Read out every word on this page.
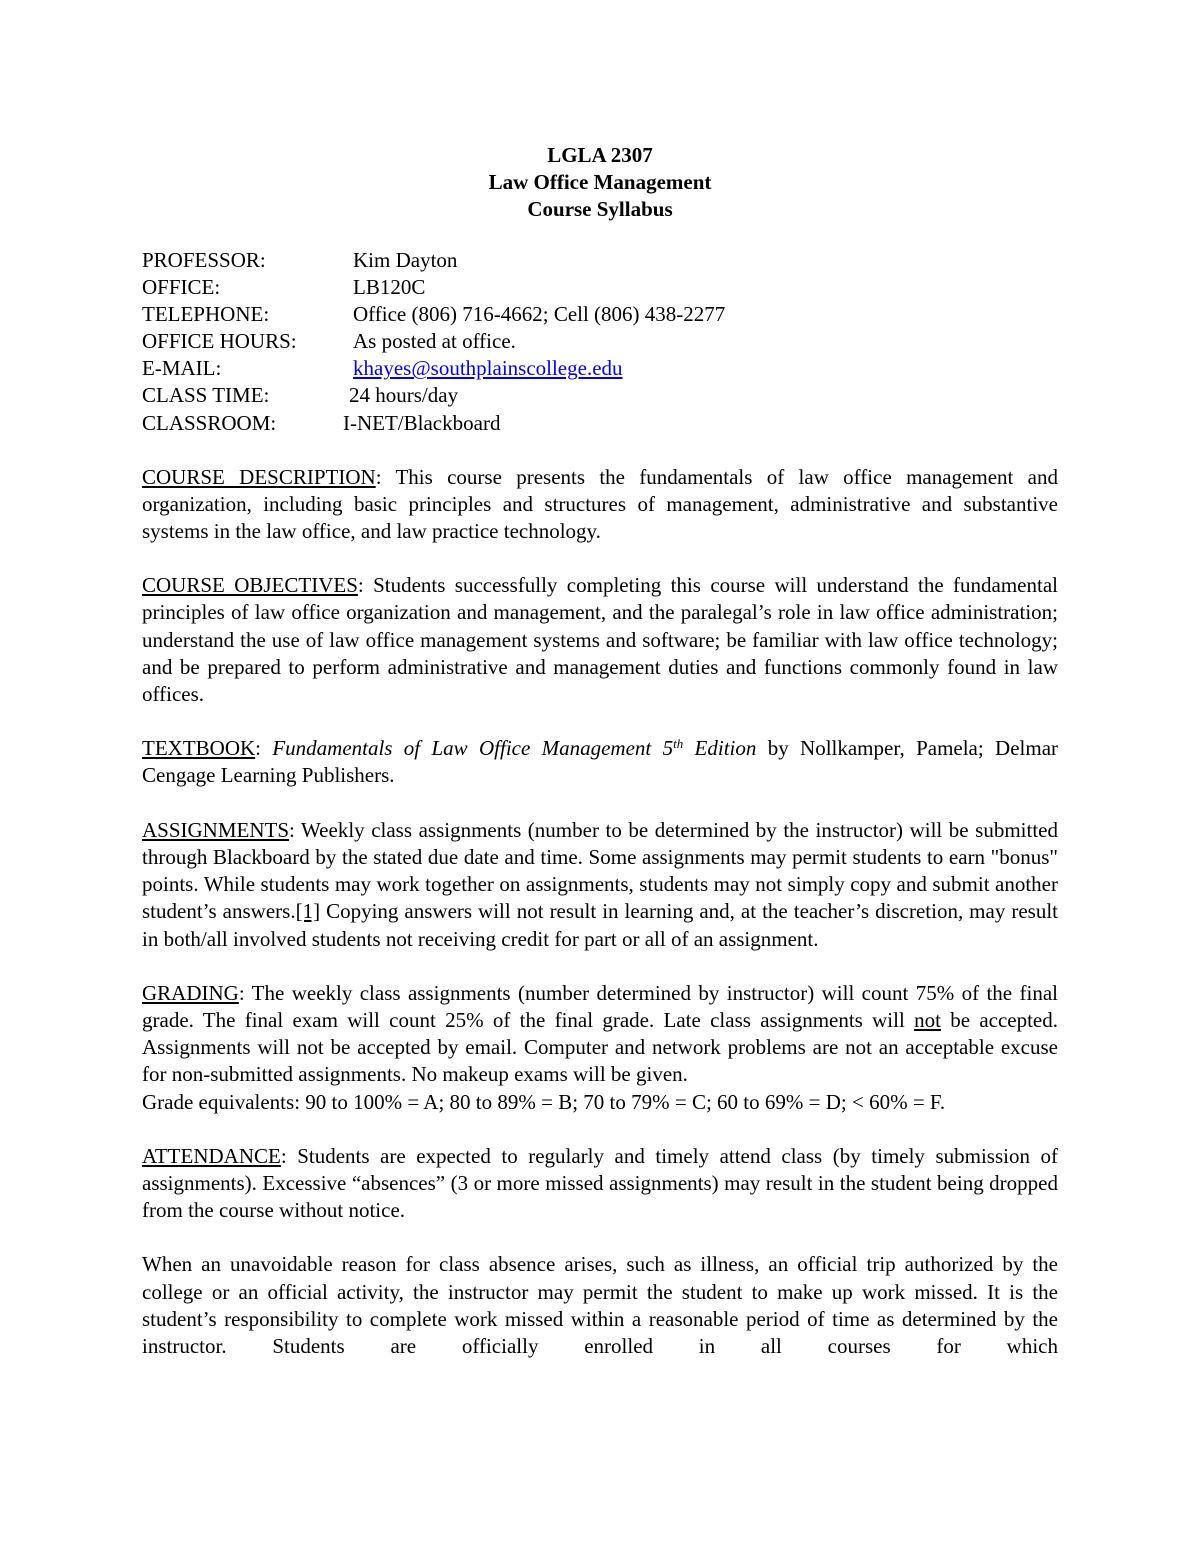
LGLA 2307
Law Office Management
Course Syllabus
PROFESSOR:	Kim Dayton
OFFICE:	LB120C
TELEPHONE:	Office (806) 716-4662; Cell (806) 438-2277
OFFICE HOURS:	As posted at office.
E-MAIL:	khayes@southplainscollege.edu
CLASS TIME:	24 hours/day
CLASSROOM:	I-NET/Blackboard

COURSE DESCRIPTION: This course presents the fundamentals of law office management and organization, including basic principles and structures of management, administrative and substantive systems in the law office, and law practice technology.

COURSE OBJECTIVES: Students successfully completing this course will understand the fundamental principles of law office organization and management, and the paralegal’s role in law office administration; understand the use of law office management systems and software; be familiar with law office technology; and be prepared to perform administrative and management duties and functions commonly found in law offices.

TEXTBOOK: Fundamentals of Law Office Management 5th Edition by Nollkamper, Pamela; Delmar Cengage Learning Publishers.

ASSIGNMENTS: Weekly class assignments (number to be determined by the instructor) will be submitted through Blackboard by the stated due date and time. Some assignments may permit students to earn "bonus" points. While students may work together on assignments, students may not simply copy and submit another student’s answers.[1] Copying answers will not result in learning and, at the teacher’s discretion, may result in both/all involved students not receiving credit for part or all of an assignment.

GRADING: The weekly class assignments (number determined by instructor) will count 75% of the final grade. The final exam will count 25% of the final grade. Late class assignments will not be accepted. Assignments will not be accepted by email. Computer and network problems are not an acceptable excuse for non-submitted assignments. No makeup exams will be given.
Grade equivalents: 90 to 100% = A; 80 to 89% = B; 70 to 79% = C; 60 to 69% = D; < 60% = F.

ATTENDANCE: Students are expected to regularly and timely attend class (by timely submission of assignments). Excessive “absences” (3 or more missed assignments) may result in the student being dropped from the course without notice.

When an unavoidable reason for class absence arises, such as illness, an official trip authorized by the college or an official activity, the instructor may permit the student to make up work missed. It is the student’s responsibility to complete work missed within a reasonable period of time as determined by the instructor. Students are officially enrolled in all courses for which
